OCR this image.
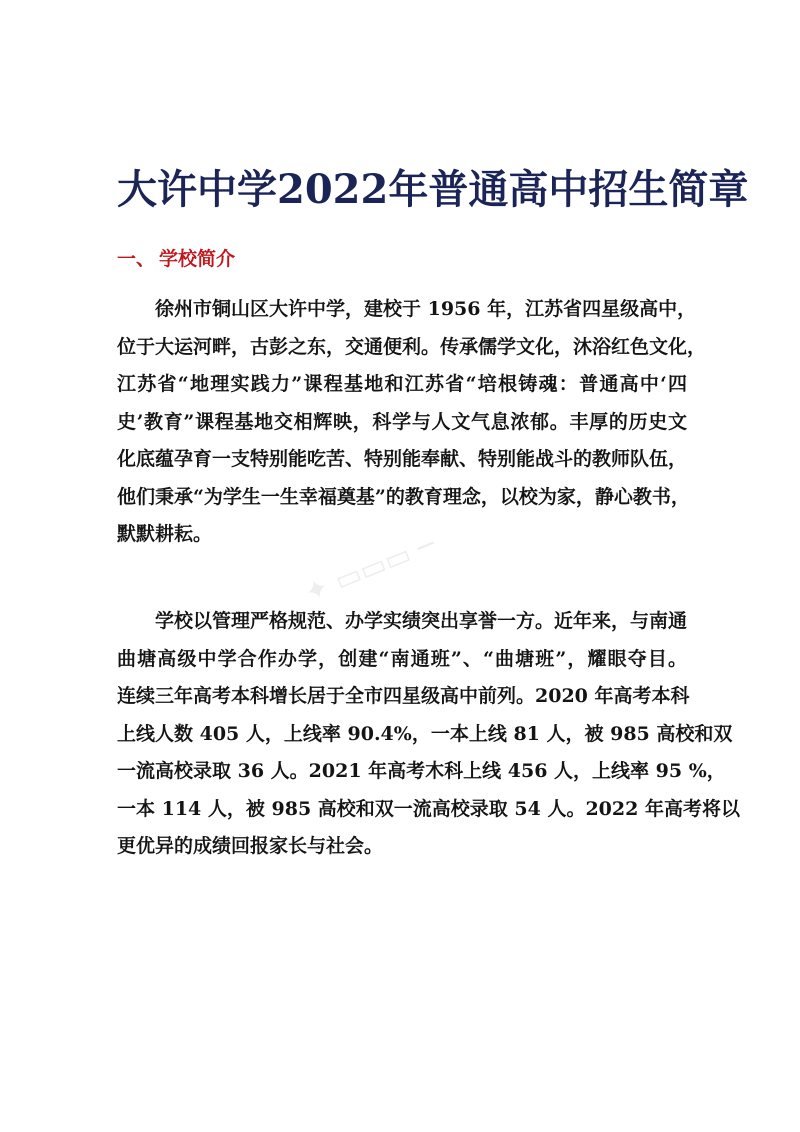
✦ ▭▭▭ ─
大许中学2022年普通高中招生简章
一、 学校简介
徐州市铜山区大许中学，建校于 1956 年，江苏省四星级高中，
位于大运河畔，古彭之东，交通便利。传承儒学文化，沐浴红色文化，
江苏省“地理实践力”课程基地和江苏省“培根铸魂：普通高中‘四
史’教育”课程基地交相辉映，科学与人文气息浓郁。丰厚的历史文
化底蕴孕育一支特别能吃苦、特别能奉献、特别能战斗的教师队伍，
他们秉承“为学生一生幸福奠基”的教育理念，以校为家，静心教书，
默默耕耘。
学校以管理严格规范、办学实绩突出享誉一方。近年来，与南通
曲塘高级中学合作办学，创建“南通班”、“曲塘班”，耀眼夺目。
连续三年高考本科增长居于全市四星级高中前列。2020 年高考本科
上线人数 405 人，上线率 90.4%，一本上线 81 人，被 985 高校和双
一流高校录取 36 人。2021 年高考木科上线 456 人，上线率 95 %，
一本 114 人，被 985 高校和双一流高校录取 54 人。2022 年高考将以
更优异的成绩回报家长与社会。
